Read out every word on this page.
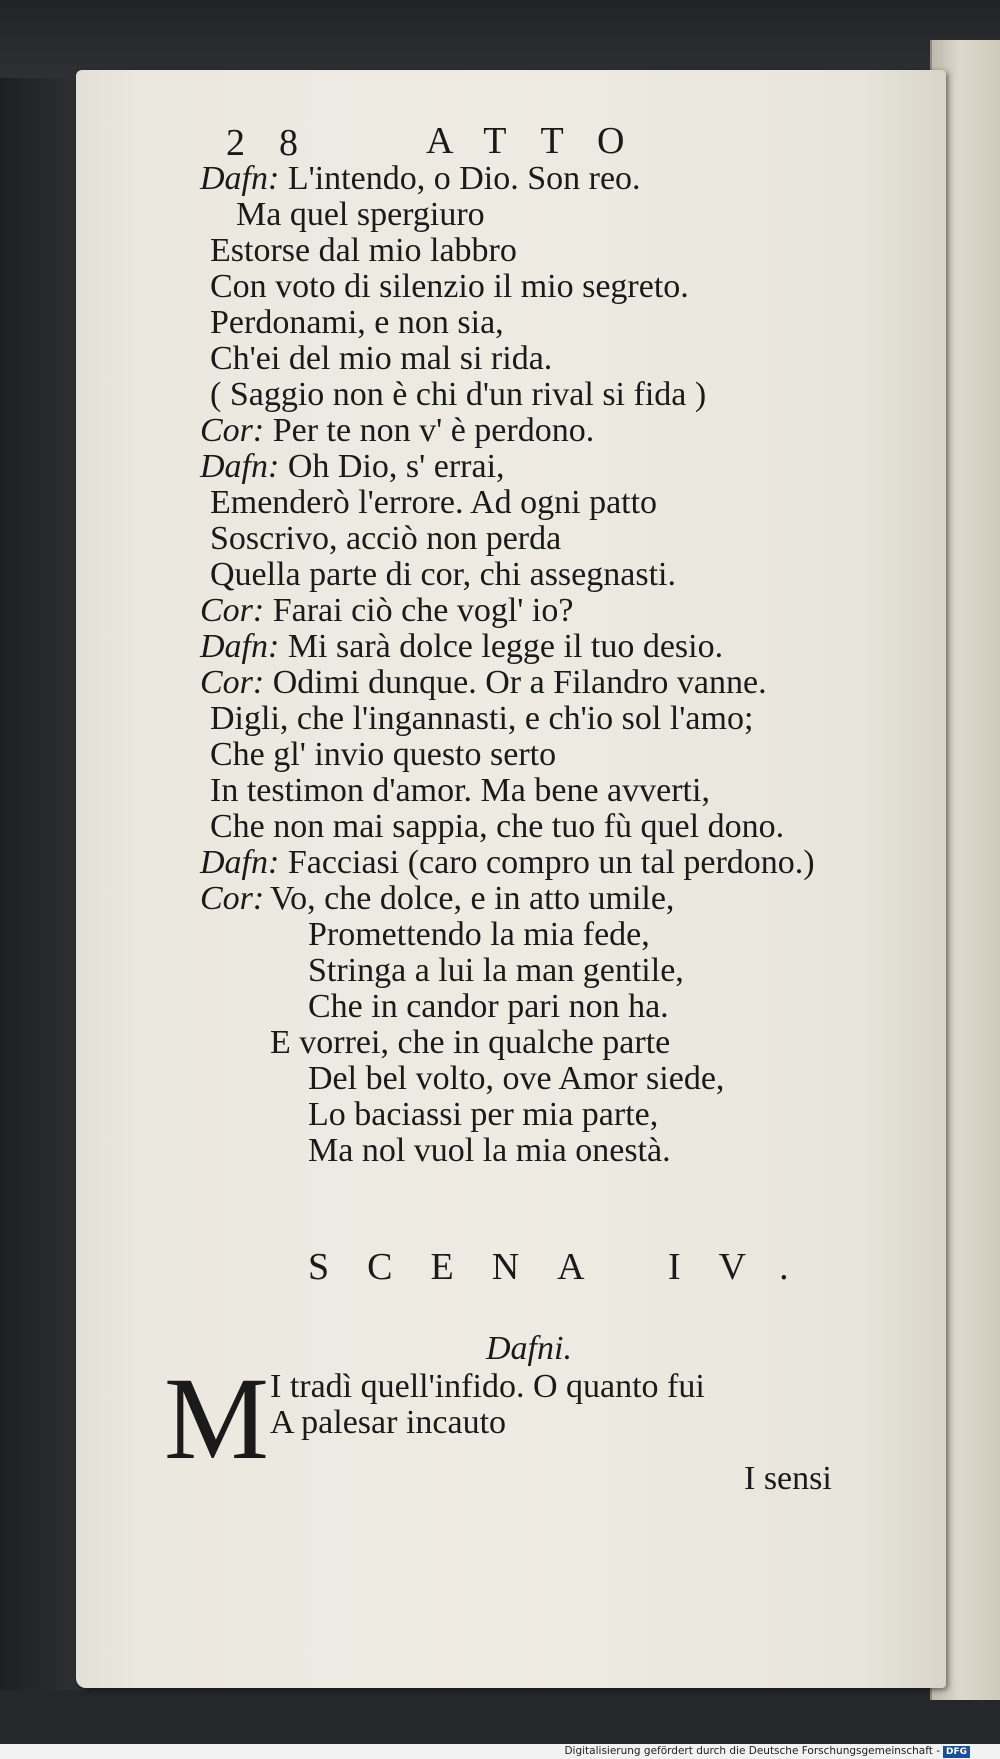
28 ATTO
Dafn: L'intendo, o Dio. Son reo.
Ma quel spergiuro
Estorse dal mio labbro
Con voto di silenzio il mio segreto.
Perdonami, e non sia,
Ch'ei del mio mal si rida.
( Saggio non è chi d'un rival si fida )
Cor: Per te non v' è perdono.
Dafn: Oh Dio, s' errai,
Emenderò l'errore. Ad ogni patto
Soscrivo, acciò non perda
Quella parte di cor, chi assegnasti.
Cor: Farai ciò che vogl' io?
Dafn: Mi sarà dolce legge il tuo desio.
Cor: Odimi dunque. Or a Filandro vanne.
Digli, che l'ingannasti, e ch'io sol l'amo;
Che gl' invio questo serto
In testimon d'amor. Ma bene avverti,
Che non mai sappia, che tuo fù quel dono.
Dafn: Facciasi (caro compro un tal perdono.)
Cor: Vo, che dolce, e in atto umile,
Promettendo la mia fede,
Stringa a lui la man gentile,
Che in candor pari non ha.
E vorrei, che in qualche parte
Del bel volto, ove Amor siede,
Lo baciassi per mia parte,
Ma nol vuol la mia onestà.
SCENA IV.
Dafni.
M I tradì quell'infido. O quanto fui
A palesar incauto
I sensi
Digitalisierung gefördert durch die Deutsche Forschungsgemeinschaft - DFG
